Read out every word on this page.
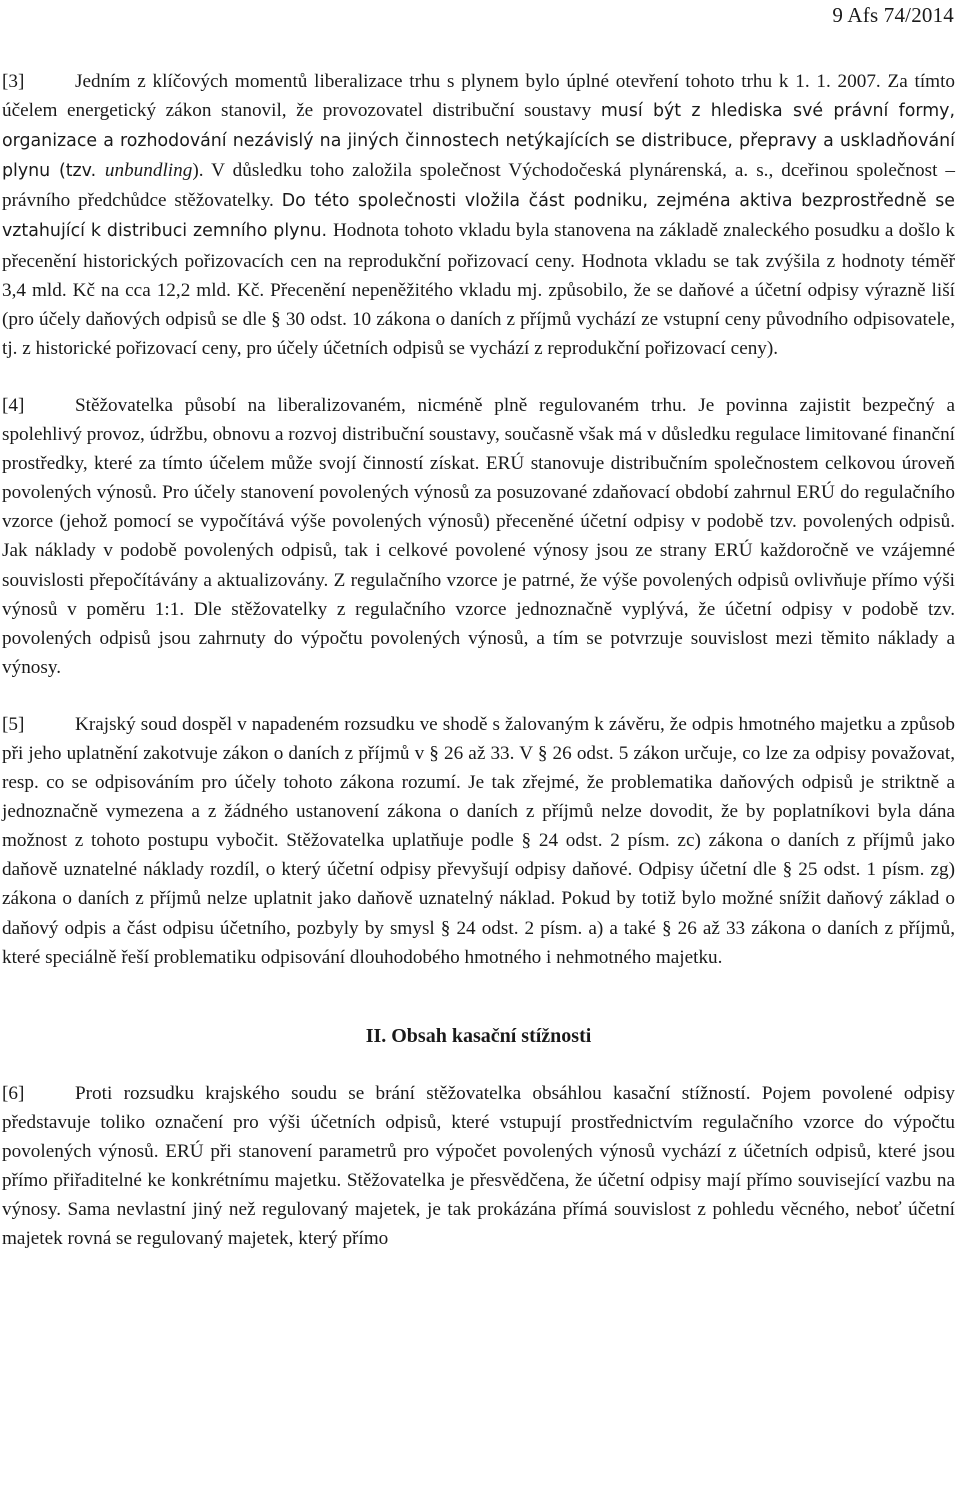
9 Afs 74/2014

[3]	Jedním z klíčových momentů liberalizace trhu s plynem bylo úplné otevření tohoto trhu k 1. 1. 2007. Za tímto účelem energetický zákon stanovil, že provozovatel distribuční soustavy musí být z hlediska své právní formy, organizace a rozhodování nezávislý na jiných činnostech netýkajících se distribuce, přepravy a uskladňování plynu (tzv. unbundling). V důsledku toho založila společnost Východočeská plynárenská, a. s., dceřinou společnost – právního předchůdce stěžovatelky. Do této společnosti vložila část podniku, zejména aktiva bezprostředně se vztahující k distribuci zemního plynu. Hodnota tohoto vkladu byla stanovena na základě znaleckého posudku a došlo k přecenění historických pořizovacích cen na reprodukční pořizovací ceny. Hodnota vkladu se tak zvýšila z hodnoty téměř 3,4 mld. Kč na cca 12,2 mld. Kč. Přecenění nepeněžitého vkladu mj. způsobilo, že se daňové a účetní odpisy výrazně liší (pro účely daňových odpisů se dle § 30 odst. 10 zákona o daních z příjmů vychází ze vstupní ceny původního odpisovatele, tj. z historické pořizovací ceny, pro účely účetních odpisů se vychází z reprodukční pořizovací ceny).

[4]	Stěžovatelka působí na liberalizovaném, nicméně plně regulovaném trhu. Je povinna zajistit bezpečný a spolehlivý provoz, údržbu, obnovu a rozvoj distribuční soustavy, současně však má v důsledku regulace limitované finanční prostředky, které za tímto účelem může svojí činností získat. ERÚ stanovuje distribučním společnostem celkovou úroveň povolených výnosů. Pro účely stanovení povolených výnosů za posuzované zdaňovací období zahrnul ERÚ do regulačního vzorce (jehož pomocí se vypočítává výše povolených výnosů) přeceněné účetní odpisy v podobě tzv. povolených odpisů. Jak náklady v podobě povolených odpisů, tak i celkové povolené výnosy jsou ze strany ERÚ každoročně ve vzájemné souvislosti přepočítávány a aktualizovány. Z regulačního vzorce je patrné, že výše povolených odpisů ovlivňuje přímo výši výnosů v poměru 1:1. Dle stěžovatelky z regulačního vzorce jednoznačně vyplývá, že účetní odpisy v podobě tzv. povolených odpisů jsou zahrnuty do výpočtu povolených výnosů, a tím se potvrzuje souvislost mezi těmito náklady a výnosy.

[5]	Krajský soud dospěl v napadeném rozsudku ve shodě s žalovaným k závěru, že odpis hmotného majetku a způsob při jeho uplatnění zakotvuje zákon o daních z příjmů v § 26 až 33. V § 26 odst. 5 zákon určuje, co lze za odpisy považovat, resp. co se odpisováním pro účely tohoto zákona rozumí. Je tak zřejmé, že problematika daňových odpisů je striktně a jednoznačně vymezena a z žádného ustanovení zákona o daních z příjmů nelze dovodit, že by poplatníkovi byla dána možnost z tohoto postupu vybočit. Stěžovatelka uplatňuje podle § 24 odst. 2 písm. zc) zákona o daních z příjmů jako daňově uznatelné náklady rozdíl, o který účetní odpisy převyšují odpisy daňové. Odpisy účetní dle § 25 odst. 1 písm. zg) zákona o daních z příjmů nelze uplatnit jako daňově uznatelný náklad. Pokud by totiž bylo možné snížit daňový základ o daňový odpis a část odpisu účetního, pozbyly by smysl § 24 odst. 2 písm. a) a také § 26 až 33 zákona o daních z příjmů, které speciálně řeší problematiku odpisování dlouhodobého hmotného i nehmotného majetku.

II. Obsah kasační stížnosti

[6]	Proti rozsudku krajského soudu se brání stěžovatelka obsáhlou kasační stížností. Pojem povolené odpisy představuje toliko označení pro výši účetních odpisů, které vstupují prostřednictvím regulačního vzorce do výpočtu povolených výnosů. ERÚ při stanovení parametrů pro výpočet povolených výnosů vychází z účetních odpisů, které jsou přímo přiřaditelné ke konkrétnímu majetku. Stěžovatelka je přesvědčena, že účetní odpisy mají přímo související vazbu na výnosy. Sama nevlastní jiný než regulovaný majetek, je tak prokázána přímá souvislost z pohledu věcného, neboť účetní majetek rovná se regulovaný majetek, který přímo
